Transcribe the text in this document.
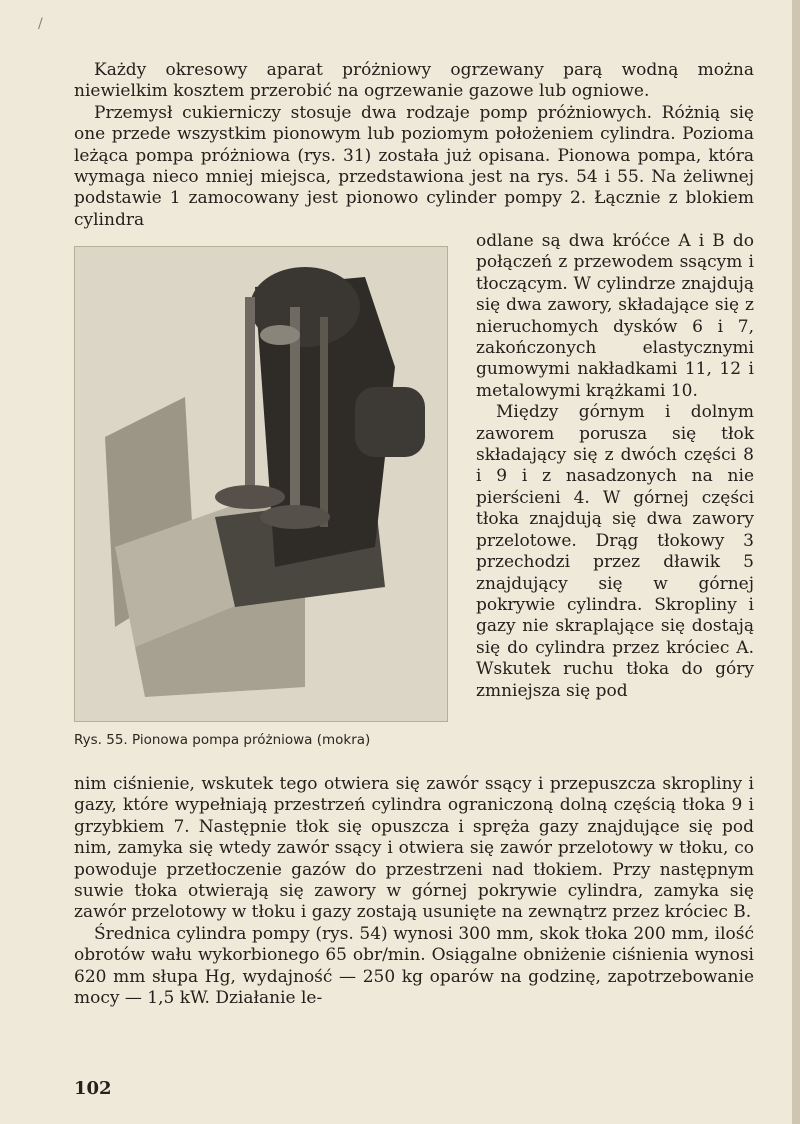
/

Każdy okresowy aparat próżniowy ogrzewany parą wodną można niewielkim kosztem przerobić na ogrzewanie gazowe lub ogniowe.

Przemysł cukierniczy stosuje dwa rodzaje pomp próżniowych. Różnią się one przede wszystkim pionowym lub poziomym położeniem cylindra. Pozioma leżąca pompa próżniowa (rys. 31) została już opisana. Pionowa pompa, która wymaga nieco mniej miejsca, przedstawiona jest na rys. 54 i 55. Na żeliwnej podstawie 1 zamocowany jest pionowo cylinder pompy 2. Łącznie z blokiem cylindra

Rys. 55. Pionowa pompa próżniowa (mokra)

odlane są dwa króćce A i B do połączeń z przewodem ssącym i tłoczącym. W cylindrze znajdują się dwa zawory, składające się z nieruchomych dysków 6 i 7, zakończonych elastycznymi gumowymi nakładkami 11, 12 i metalowymi krążkami 10.

Między górnym i dolnym zaworem porusza się tłok składający się z dwóch części 8 i 9 i z nasadzonych na nie pierścieni 4. W górnej części tłoka znajdują się dwa zawory przelotowe. Drąg tłokowy 3 przechodzi przez dławik 5 znajdujący się w górnej pokrywie cylindra. Skropliny i gazy nie skraplające się dostają się do cylindra przez króciec A. Wskutek ruchu tłoka do góry zmniejsza się pod

nim ciśnienie, wskutek tego otwiera się zawór ssący i przepuszcza skropliny i gazy, które wypełniają przestrzeń cylindra ograniczoną dolną częścią tłoka 9 i grzybkiem 7. Następnie tłok się opuszcza i spręża gazy znajdujące się pod nim, zamyka się wtedy zawór ssący i otwiera się zawór przelotowy w tłoku, co powoduje przetłoczenie gazów do przestrzeni nad tłokiem. Przy następnym suwie tłoka otwierają się zawory w górnej pokrywie cylindra, zamyka się zawór przelotowy w tłoku i gazy zostają usunięte na zewnątrz przez króciec B.

Średnica cylindra pompy (rys. 54) wynosi 300 mm, skok tłoka 200 mm, ilość obrotów wału wykorbionego 65 obr/min. Osiągalne obniżenie ciśnienia wynosi 620 mm słupa Hg, wydajność — 250 kg oparów na godzinę, zapotrzebowanie mocy — 1,5 kW. Działanie le-

102
